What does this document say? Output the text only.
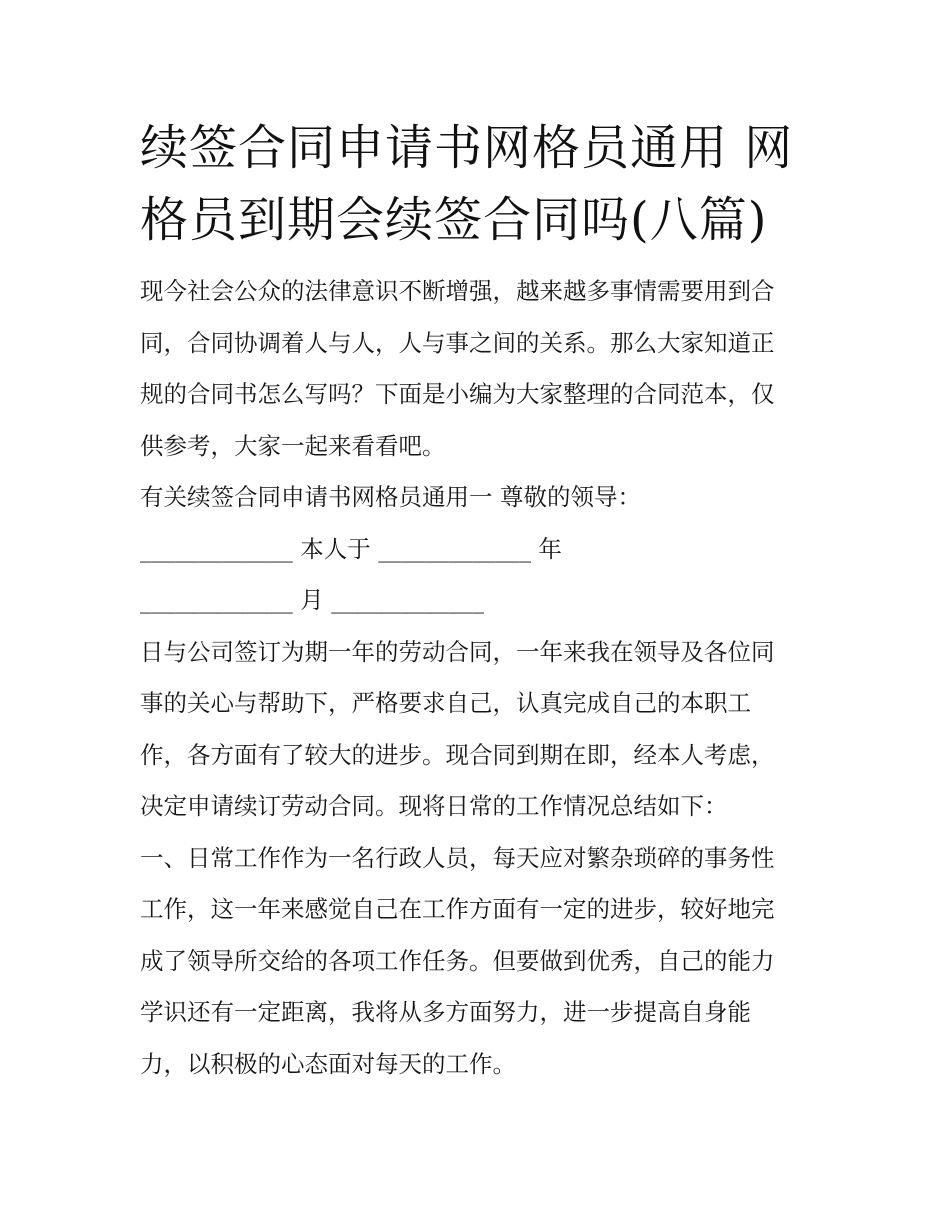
续签合同申请书网格员通用 网
格员到期会续签合同吗(八篇)

现今社会公众的法律意识不断增强，越来越多事情需要用到合
同，合同协调着人与人，人与事之间的关系。那么大家知道正
规的合同书怎么写吗？下面是小编为大家整理的合同范本，仅
供参考，大家一起来看看吧。

有关续签合同申请书网格员通用一 尊敬的领导：

_____________ 本人于 _____________ 年
_____________ 月 _____________

日与公司签订为期一年的劳动合同，一年来我在领导及各位同
事的关心与帮助下，严格要求自己，认真完成自己的本职工
作，各方面有了较大的进步。现合同到期在即，经本人考虑，
决定申请续订劳动合同。现将日常的工作情况总结如下：

一、日常工作作为一名行政人员，每天应对繁杂琐碎的事务性
工作，这一年来感觉自己在工作方面有一定的进步，较好地完
成了领导所交给的各项工作任务。但要做到优秀，自己的能力
学识还有一定距离，我将从多方面努力，进一步提高自身能
力，以积极的心态面对每天的工作。
